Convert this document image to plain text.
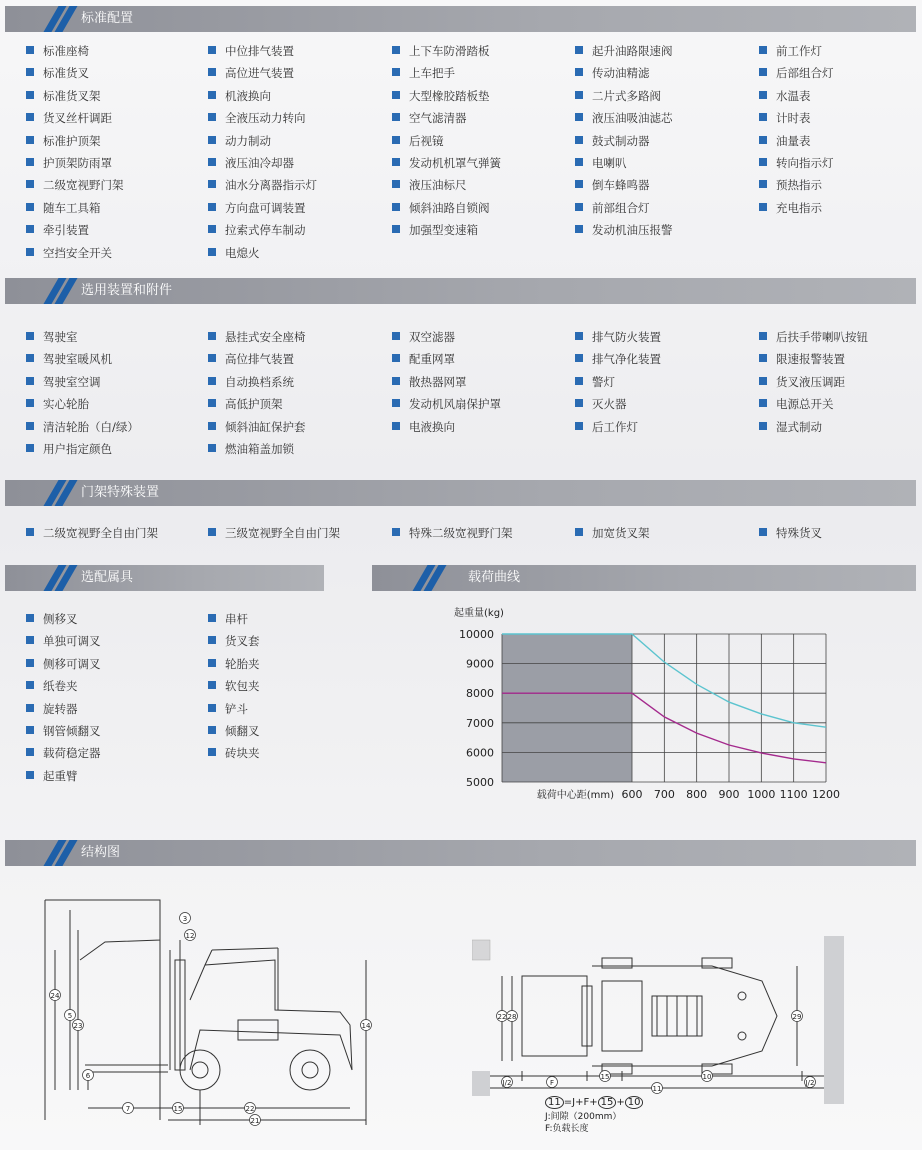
标准配置
标准座椅
标准货叉
标准货叉架
货叉丝杆调距
标准护顶架
护顶架防雨罩
二级宽视野门架
随车工具箱
牵引装置
空挡安全开关
中位排气装置
高位进气装置
机液换向
全液压动力转向
动力制动
液压油冷却器
油水分离器指示灯
方向盘可调装置
拉索式停车制动
电熄火
上下车防滑踏板
上车把手
大型橡胶踏板垫
空气滤清器
后视镜
发动机机罩气弹簧
液压油标尺
倾斜油路自锁阀
加强型变速箱
起升油路限速阀
传动油精滤
二片式多路阀
液压油吸油滤芯
鼓式制动器
电喇叭
倒车蜂鸣器
前部组合灯
发动机油压报警
前工作灯
后部组合灯
水温表
计时表
油量表
转向指示灯
预热指示
充电指示
选用装置和附件
驾驶室
驾驶室暖风机
驾驶室空调
实心轮胎
清洁轮胎（白/绿）
用户指定颜色
悬挂式安全座椅
高位排气装置
自动换档系统
高低护顶架
倾斜油缸保护套
燃油箱盖加锁
双空滤器
配重网罩
散热器网罩
发动机风扇保护罩
电液换向
排气防火装置
排气净化装置
警灯
灭火器
后工作灯
后扶手带喇叭按钮
限速报警装置
货叉液压调距
电源总开关
湿式制动
门架特殊装置
二级宽视野全自由门架	三级宽视野全自由门架	特殊二级宽视野门架	加宽货叉架	特殊货叉
选配属具
侧移叉
单独可调叉
侧移可调叉
纸卷夹
旋转器
钢管倾翻叉
载荷稳定器
起重臂
串杆
货叉套
轮胎夹
软包夹
铲斗
倾翻叉
砖块夹
载荷曲线
10000
9000
8000
7000
6000
5000
600 700 800 900 1000 1100 1200
起重量(kg)
载荷中心距(mm)
结构图
24
5
23	14
6
7	15	22
21
12
3
22 28	29
J/2	F
15	10
11
J/2
11 =J+F+ 15 + 10
J:间隙（200mm）
F:负载长度
